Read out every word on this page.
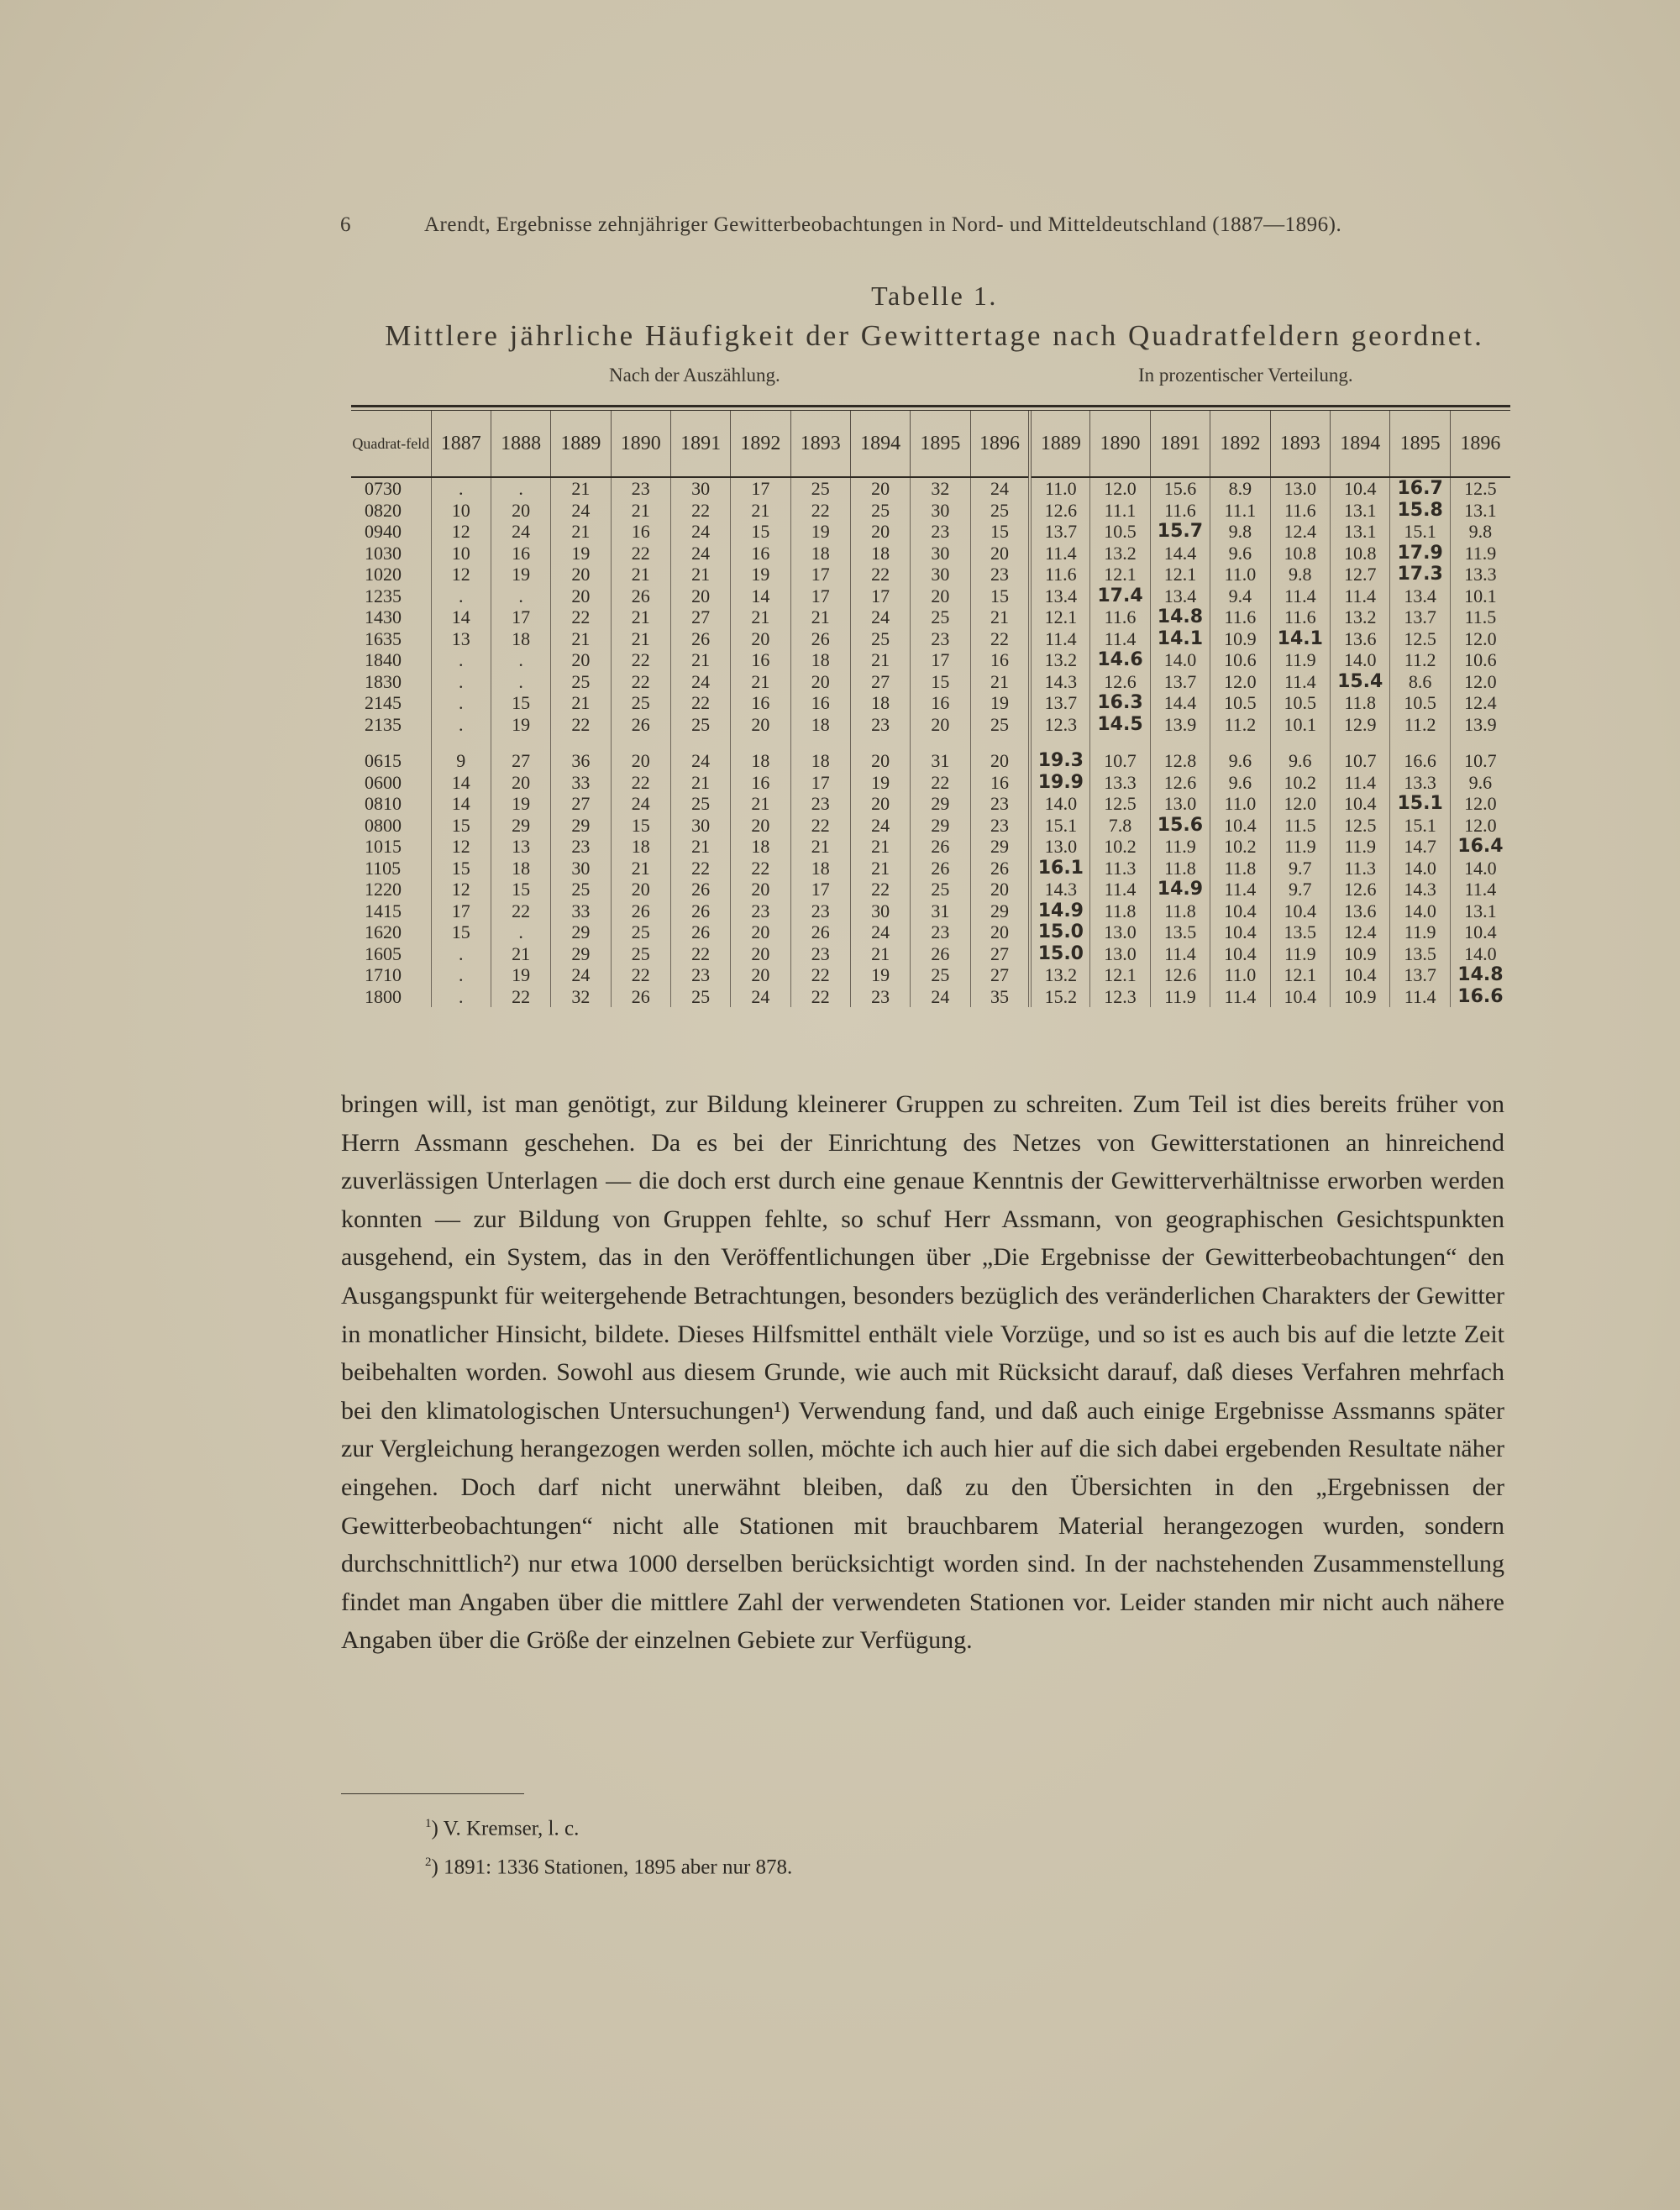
6	Arendt, Ergebnisse zehnjähriger Gewitterbeobachtungen in Nord- und Mitteldeutschland (1887—1896).
Tabelle 1.
Mittlere jährliche Häufigkeit der Gewittertage nach Quadratfeldern geordnet.
Nach der Auszählung.	In prozentischer Verteilung.
Quadrat-feld	1887	1888	1889	1890	1891	1892	1893	1894	1895	1896	1889	1890	1891	1892	1893	1894	1895	1896
0730	.	.	21	23	30	17	25	20	32	24	11.0	12.0	15.6	8.9	13.0	10.4	16.7	12.5
0820	10	20	24	21	22	21	22	25	30	25	12.6	11.1	11.6	11.1	11.6	13.1	15.8	13.1
0940	12	24	21	16	24	15	19	20	23	15	13.7	10.5	15.7	9.8	12.4	13.1	15.1	9.8
1030	10	16	19	22	24	16	18	18	30	20	11.4	13.2	14.4	9.6	10.8	10.8	17.9	11.9
1020	12	19	20	21	21	19	17	22	30	23	11.6	12.1	12.1	11.0	9.8	12.7	17.3	13.3
1235	.	.	20	26	20	14	17	17	20	15	13.4	17.4	13.4	9.4	11.4	11.4	13.4	10.1
1430	14	17	22	21	27	21	21	24	25	21	12.1	11.6	14.8	11.6	11.6	13.2	13.7	11.5
1635	13	18	21	21	26	20	26	25	23	22	11.4	11.4	14.1	10.9	14.1	13.6	12.5	12.0
1840	.	.	20	22	21	16	18	21	17	16	13.2	14.6	14.0	10.6	11.9	14.0	11.2	10.6
1830	.	.	25	22	24	21	20	27	15	21	14.3	12.6	13.7	12.0	11.4	15.4	8.6	12.0
2145	.	15	21	25	22	16	16	18	16	19	13.7	16.3	14.4	10.5	10.5	11.8	10.5	12.4
2135	.	19	22	26	25	20	18	23	20	25	12.3	14.5	13.9	11.2	10.1	12.9	11.2	13.9

0615	9	27	36	20	24	18	18	20	31	20	19.3	10.7	12.8	9.6	9.6	10.7	16.6	10.7
0600	14	20	33	22	21	16	17	19	22	16	19.9	13.3	12.6	9.6	10.2	11.4	13.3	9.6
0810	14	19	27	24	25	21	23	20	29	23	14.0	12.5	13.0	11.0	12.0	10.4	15.1	12.0
0800	15	29	29	15	30	20	22	24	29	23	15.1	7.8	15.6	10.4	11.5	12.5	15.1	12.0
1015	12	13	23	18	21	18	21	21	26	29	13.0	10.2	11.9	10.2	11.9	11.9	14.7	16.4
1105	15	18	30	21	22	22	18	21	26	26	16.1	11.3	11.8	11.8	9.7	11.3	14.0	14.0
1220	12	15	25	20	26	20	17	22	25	20	14.3	11.4	14.9	11.4	9.7	12.6	14.3	11.4
1415	17	22	33	26	26	23	23	30	31	29	14.9	11.8	11.8	10.4	10.4	13.6	14.0	13.1
1620	15	.	29	25	26	20	26	24	23	20	15.0	13.0	13.5	10.4	13.5	12.4	11.9	10.4
1605	.	21	29	25	22	20	23	21	26	27	15.0	13.0	11.4	10.4	11.9	10.9	13.5	14.0
1710	.	19	24	22	23	20	22	19	25	27	13.2	12.1	12.6	11.0	12.1	10.4	13.7	14.8
1800	.	22	32	26	25	24	22	23	24	35	15.2	12.3	11.9	11.4	10.4	10.9	11.4	16.6

bringen will, ist man genötigt, zur Bildung kleinerer Gruppen zu schreiten. Zum Teil ist dies bereits früher von Herrn Assmann geschehen. Da es bei der Einrichtung des Netzes von Gewitterstationen an hinreichend zuverlässigen Unterlagen — die doch erst durch eine genaue Kenntnis der Gewitterverhältnisse erworben werden konnten — zur Bildung von Gruppen fehlte, so schuf Herr Assmann, von geographischen Gesichtspunkten ausgehend, ein System, das in den Veröffentlichungen über „Die Ergebnisse der Gewitterbeobachtungen“ den Ausgangspunkt für weitergehende Betrachtungen, besonders bezüglich des veränderlichen Charakters der Gewitter in monatlicher Hinsicht, bildete. Dieses Hilfsmittel enthält viele Vorzüge, und so ist es auch bis auf die letzte Zeit beibehalten worden. Sowohl aus diesem Grunde, wie auch mit Rücksicht darauf, daß dieses Verfahren mehrfach bei den klimatologischen Untersuchungen¹) Verwendung fand, und daß auch einige Ergebnisse Assmanns später zur Vergleichung herangezogen werden sollen, möchte ich auch hier auf die sich dabei ergebenden Resultate näher eingehen. Doch darf nicht unerwähnt bleiben, daß zu den Übersichten in den „Ergebnissen der Gewitterbeobachtungen“ nicht alle Stationen mit brauchbarem Material herangezogen wurden, sondern durchschnittlich²) nur etwa 1000 derselben berücksichtigt worden sind. In der nachstehenden Zusammenstellung findet man Angaben über die mittlere Zahl der verwendeten Stationen vor. Leider standen mir nicht auch nähere Angaben über die Größe der einzelnen Gebiete zur Verfügung.

$^1$) V. Kremser, l. c.
$^2$) 1891: 1336 Stationen, 1895 aber nur 878.
